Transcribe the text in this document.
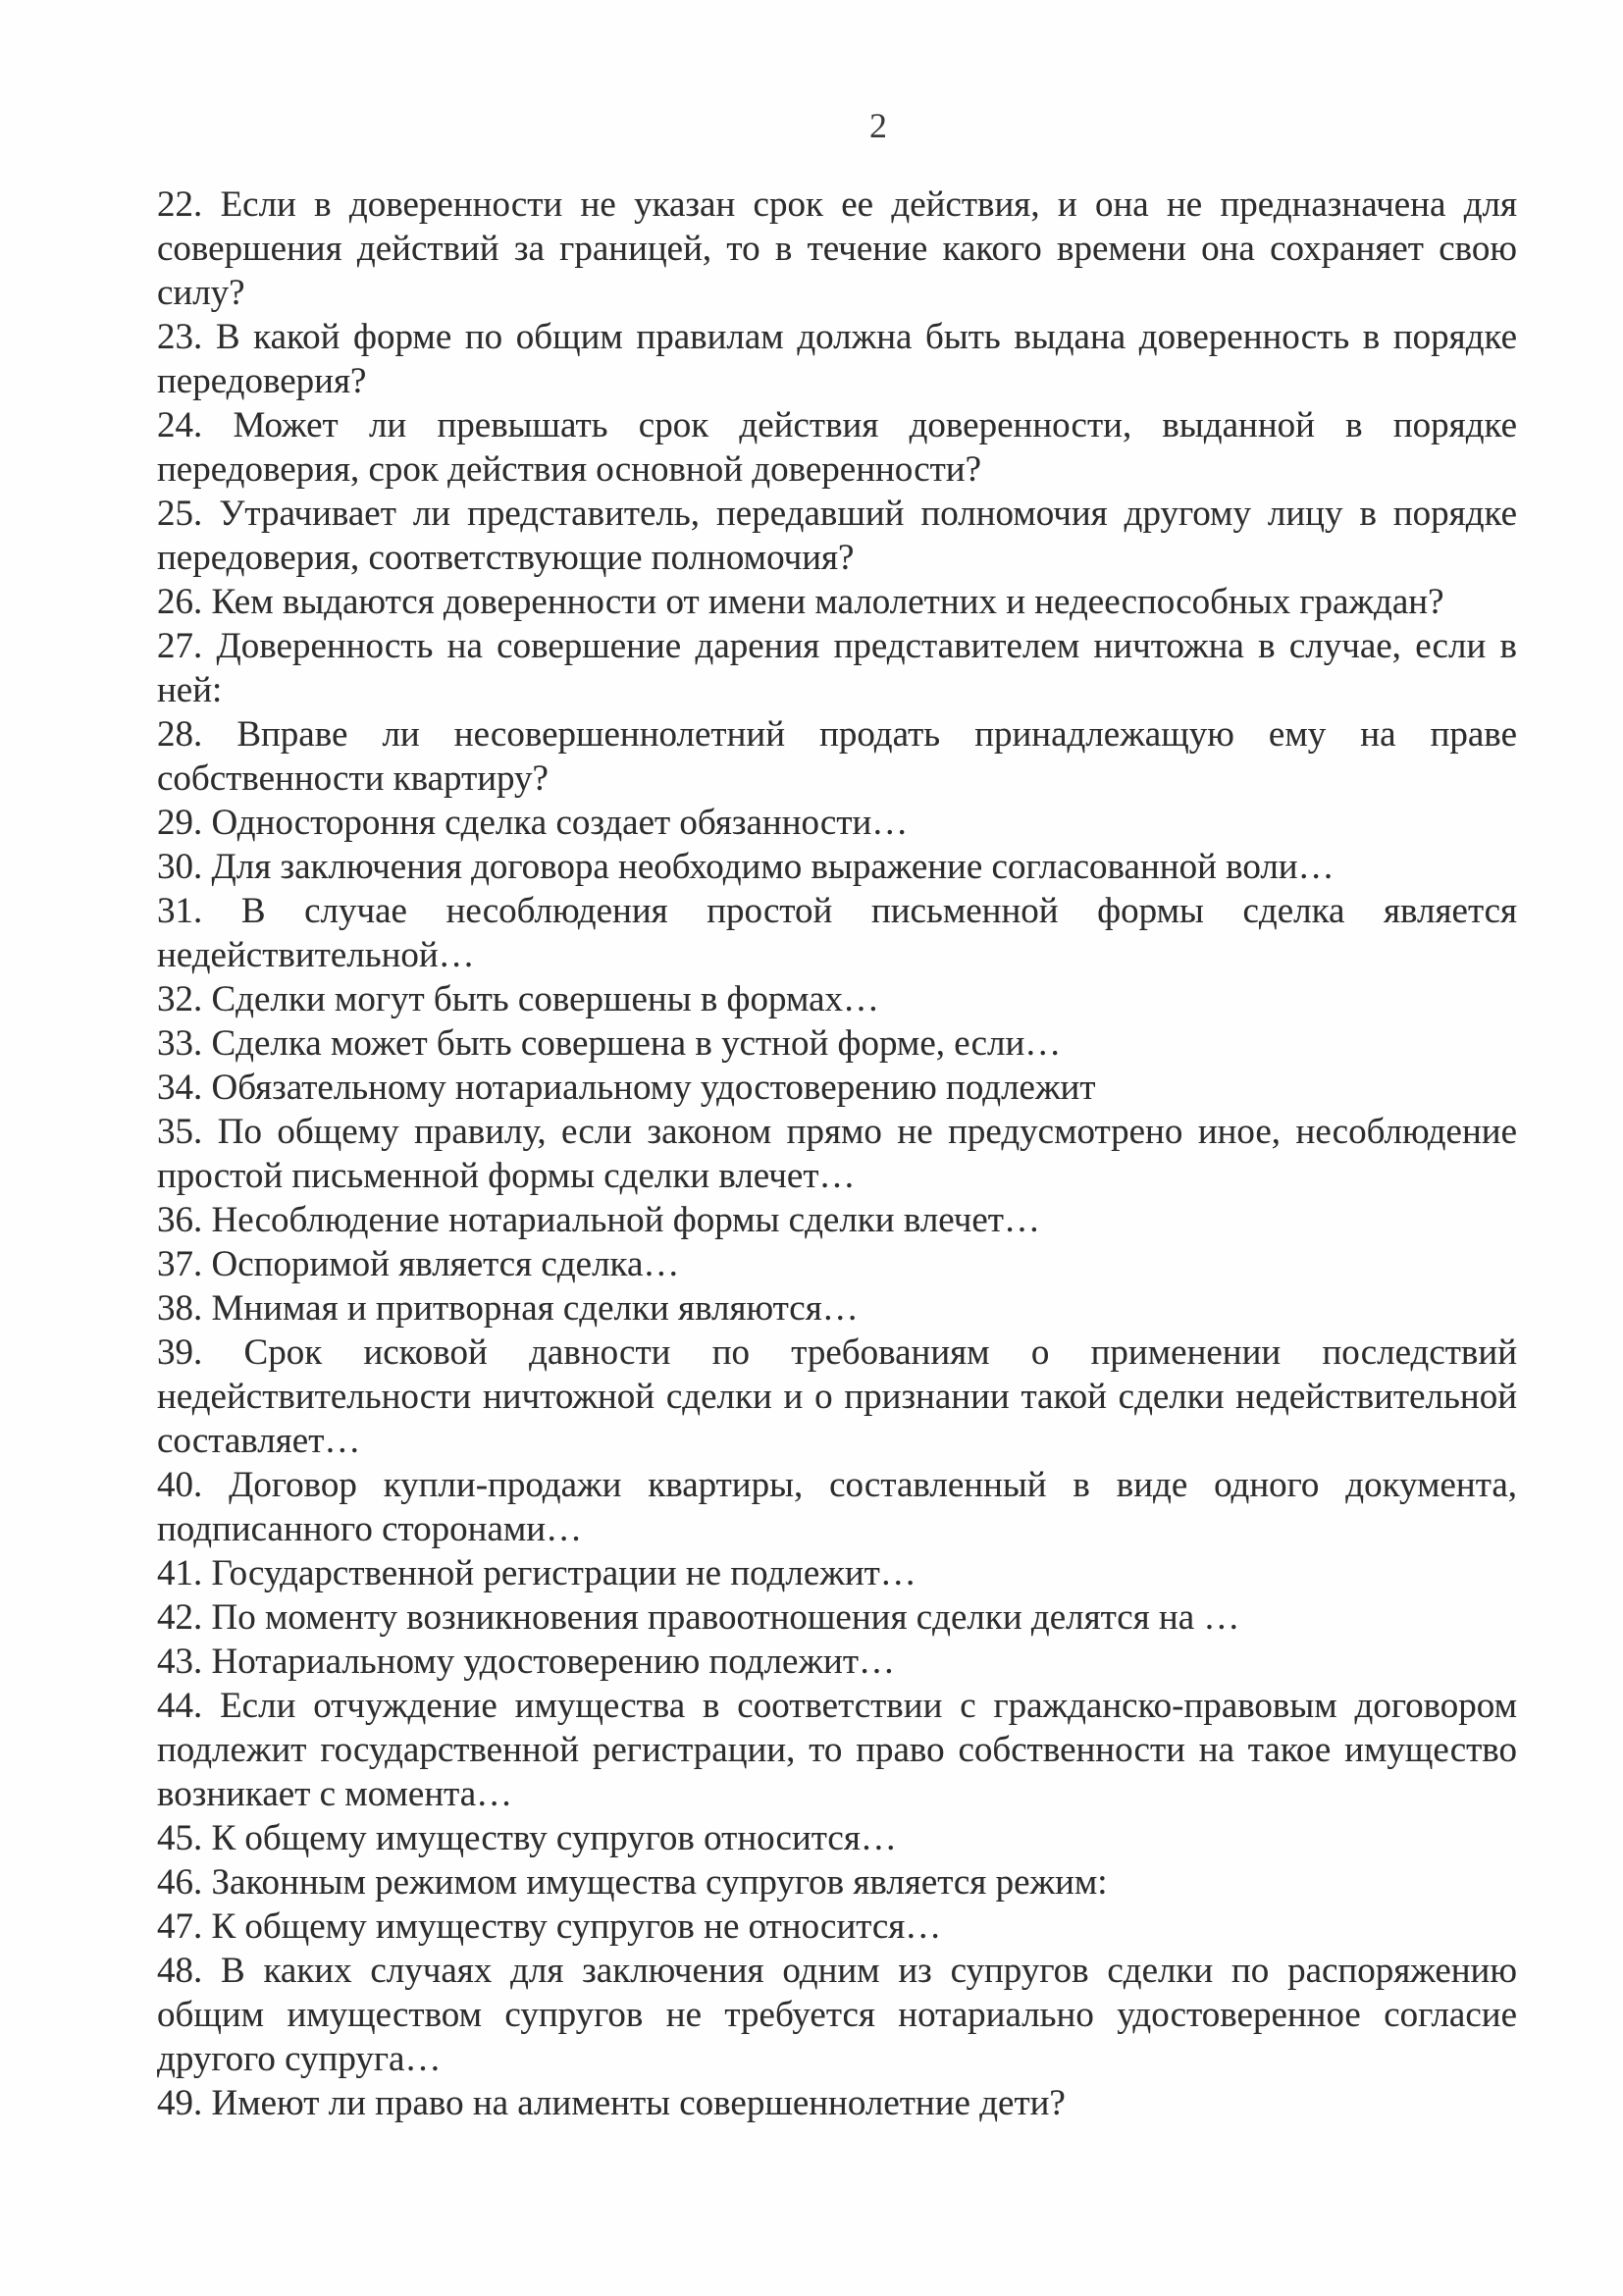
2

22. Если в доверенности не указан срок ее действия, и она не предназначена для совершения действий за границей, то в течение какого времени она сохраняет свою силу?

23. В какой форме по общим правилам должна быть выдана доверенность в порядке передоверия?

24. Может ли превышать срок действия доверенности, выданной в порядке передоверия, срок действия основной доверенности?

25. Утрачивает ли представитель, передавший полномочия другому лицу в порядке передоверия, соответствующие полномочия?

26. Кем выдаются доверенности от имени малолетних и недееспособных граждан?

27. Доверенность на совершение дарения представителем ничтожна в случае, если в ней:

28. Вправе ли несовершеннолетний продать принадлежащую ему на праве собственности квартиру?

29. Одностороння сделка создает обязанности…

30. Для заключения договора необходимо выражение согласованной воли…

31. В случае несоблюдения простой письменной формы сделка является недействительной…

32. Сделки могут быть совершены в формах…

33. Сделка может быть совершена в устной форме, если…

34. Обязательному нотариальному удостоверению подлежит

35. По общему правилу, если законом прямо не предусмотрено иное, несоблюдение простой письменной формы сделки влечет…

36. Несоблюдение нотариальной формы сделки влечет…

37. Оспоримой является сделка…

38. Мнимая и притворная сделки являются…

39. Срок исковой давности по требованиям о применении последствий недействительности ничтожной сделки и о признании такой сделки недействительной составляет…

40. Договор купли-продажи квартиры, составленный в виде одного документа, подписанного сторонами…

41. Государственной регистрации не подлежит…

42. По моменту возникновения правоотношения сделки делятся на …

43. Нотариальному удостоверению подлежит…

44. Если отчуждение имущества в соответствии с гражданско-правовым договором подлежит государственной регистрации, то право собственности на такое имущество возникает с момента…

45. К общему имуществу супругов относится…

46. Законным режимом имущества супругов является режим:

47. К общему имуществу супругов не относится…

48. В каких случаях для заключения одним из супругов сделки по распоряжению общим имуществом супругов не требуется нотариально удостоверенное согласие другого супруга…

49. Имеют ли право на алименты совершеннолетние дети?
